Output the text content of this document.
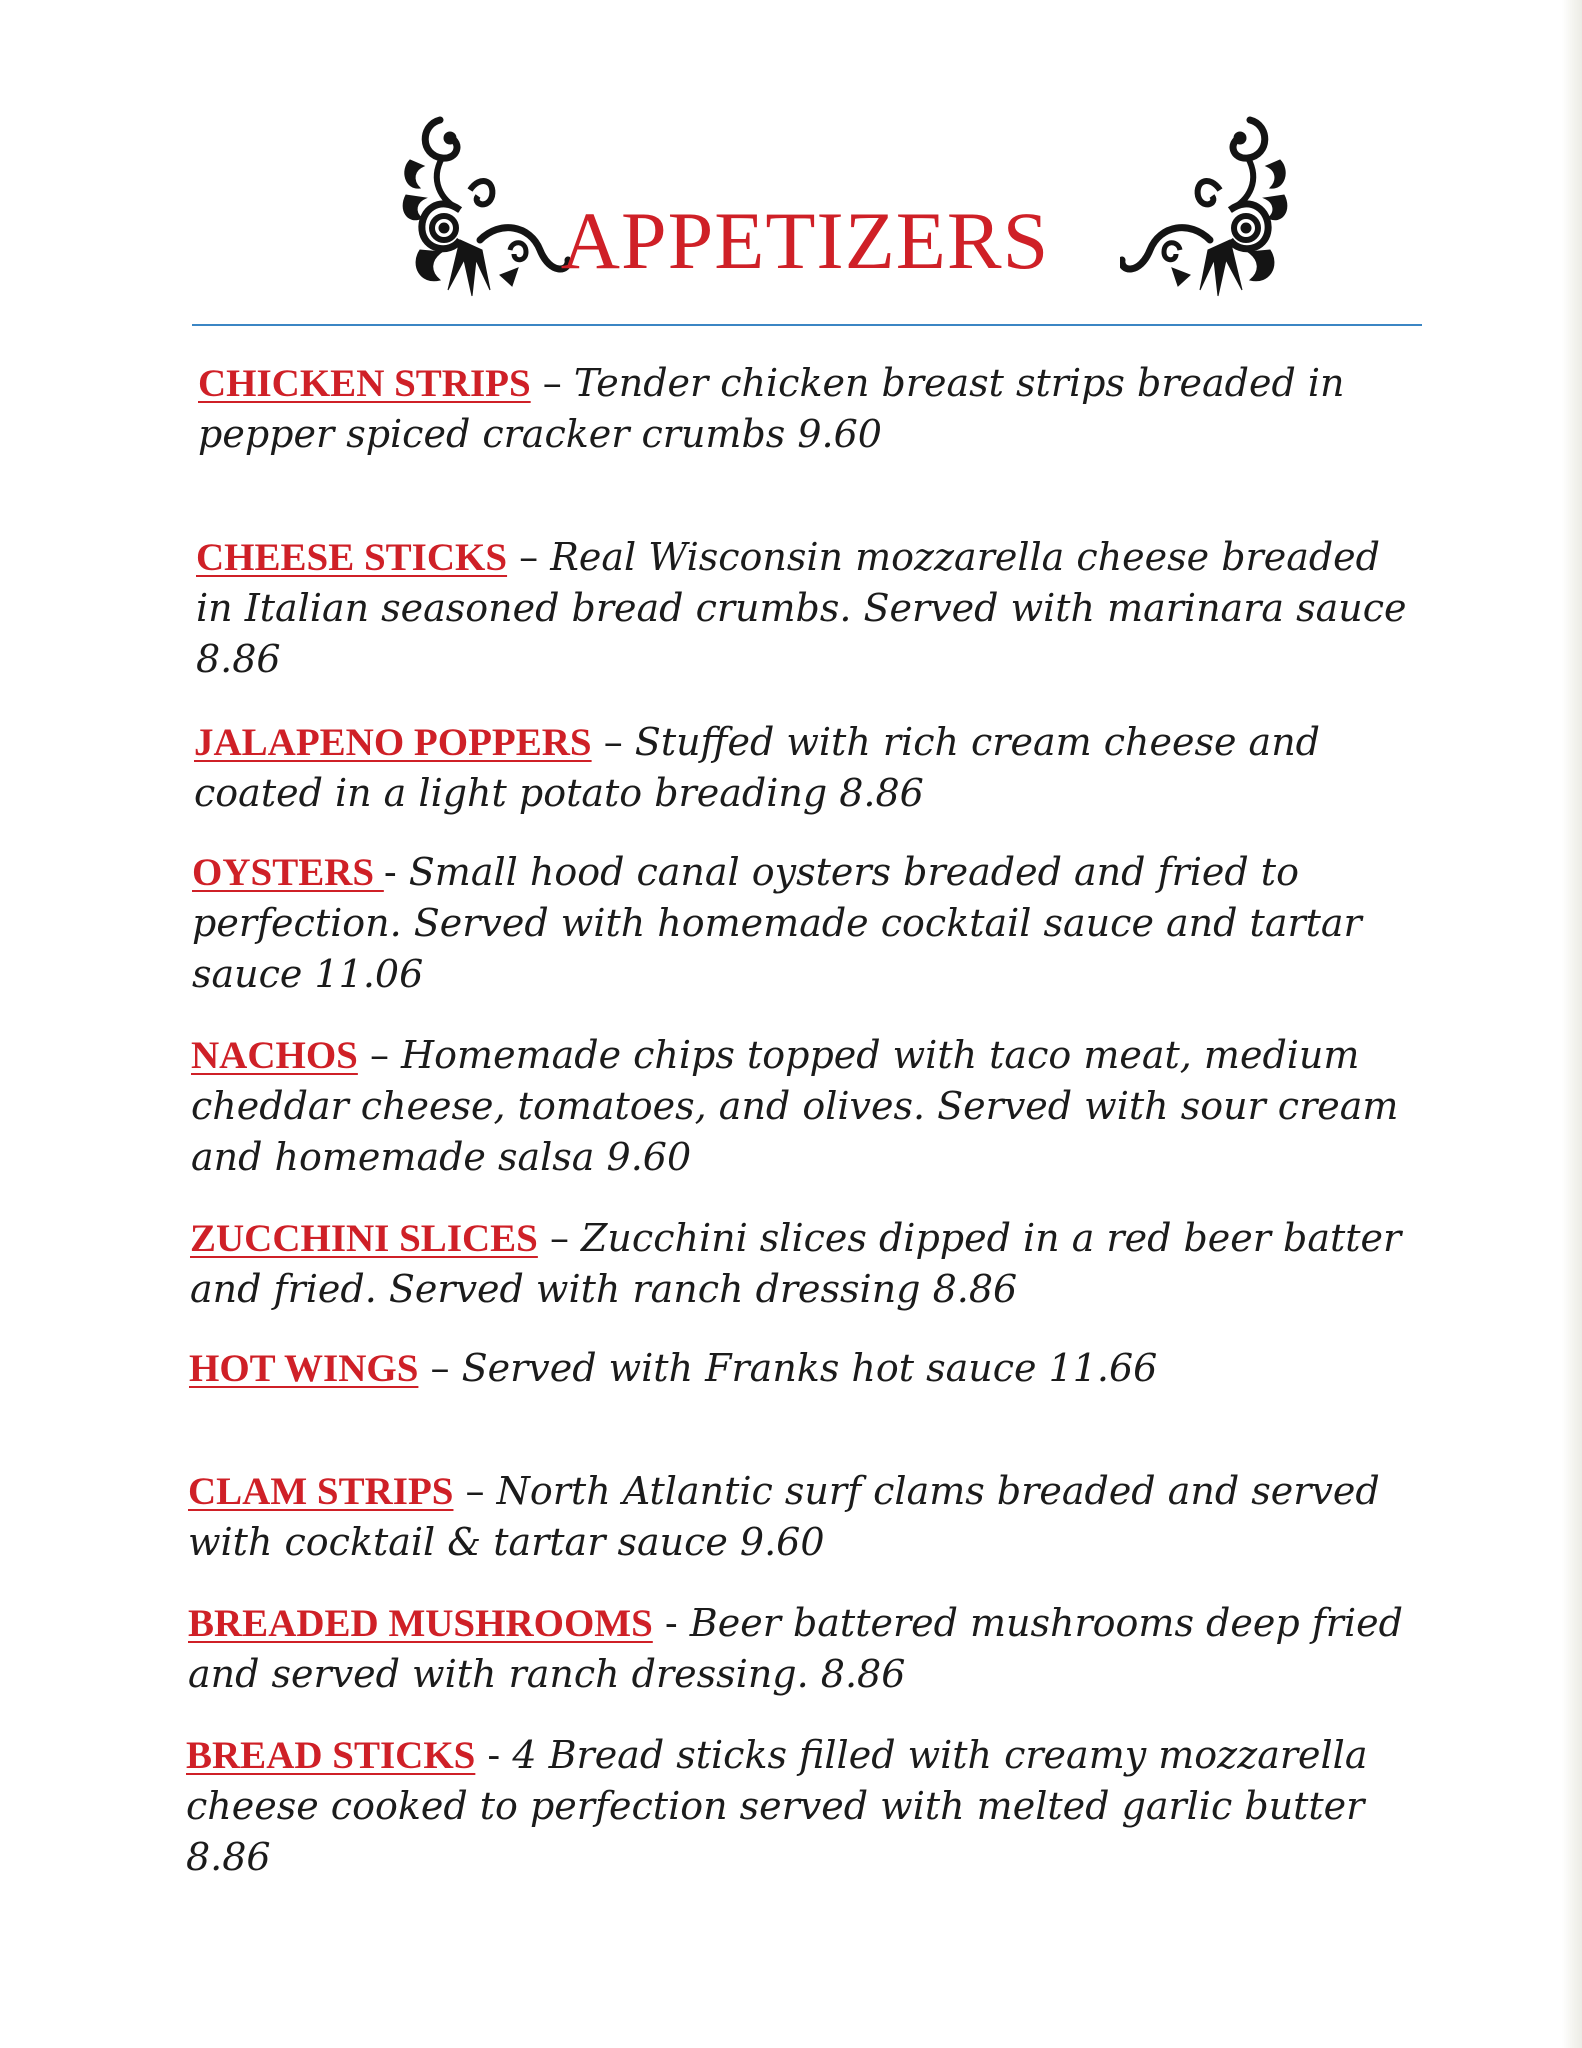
APPETIZERS

CHICKEN STRIPS – Tender chicken breast strips breaded in pepper spiced cracker crumbs 9.60

CHEESE STICKS – Real Wisconsin mozzarella cheese breaded in Italian seasoned bread crumbs. Served with marinara sauce 8.86

JALAPENO POPPERS – Stuffed with rich cream cheese and coated in a light potato breading 8.86

OYSTERS - Small hood canal oysters breaded and fried to perfection. Served with homemade cocktail sauce and tartar sauce 11.06

NACHOS – Homemade chips topped with taco meat, medium cheddar cheese, tomatoes, and olives. Served with sour cream and homemade salsa 9.60

ZUCCHINI SLICES – Zucchini slices dipped in a red beer batter and fried. Served with ranch dressing 8.86

HOT WINGS – Served with Franks hot sauce 11.66

CLAM STRIPS – North Atlantic surf clams breaded and served with cocktail & tartar sauce 9.60

BREADED MUSHROOMS - Beer battered mushrooms deep fried and served with ranch dressing. 8.86

BREAD STICKS - 4 Bread sticks filled with creamy mozzarella cheese cooked to perfection served with melted garlic butter 8.86
